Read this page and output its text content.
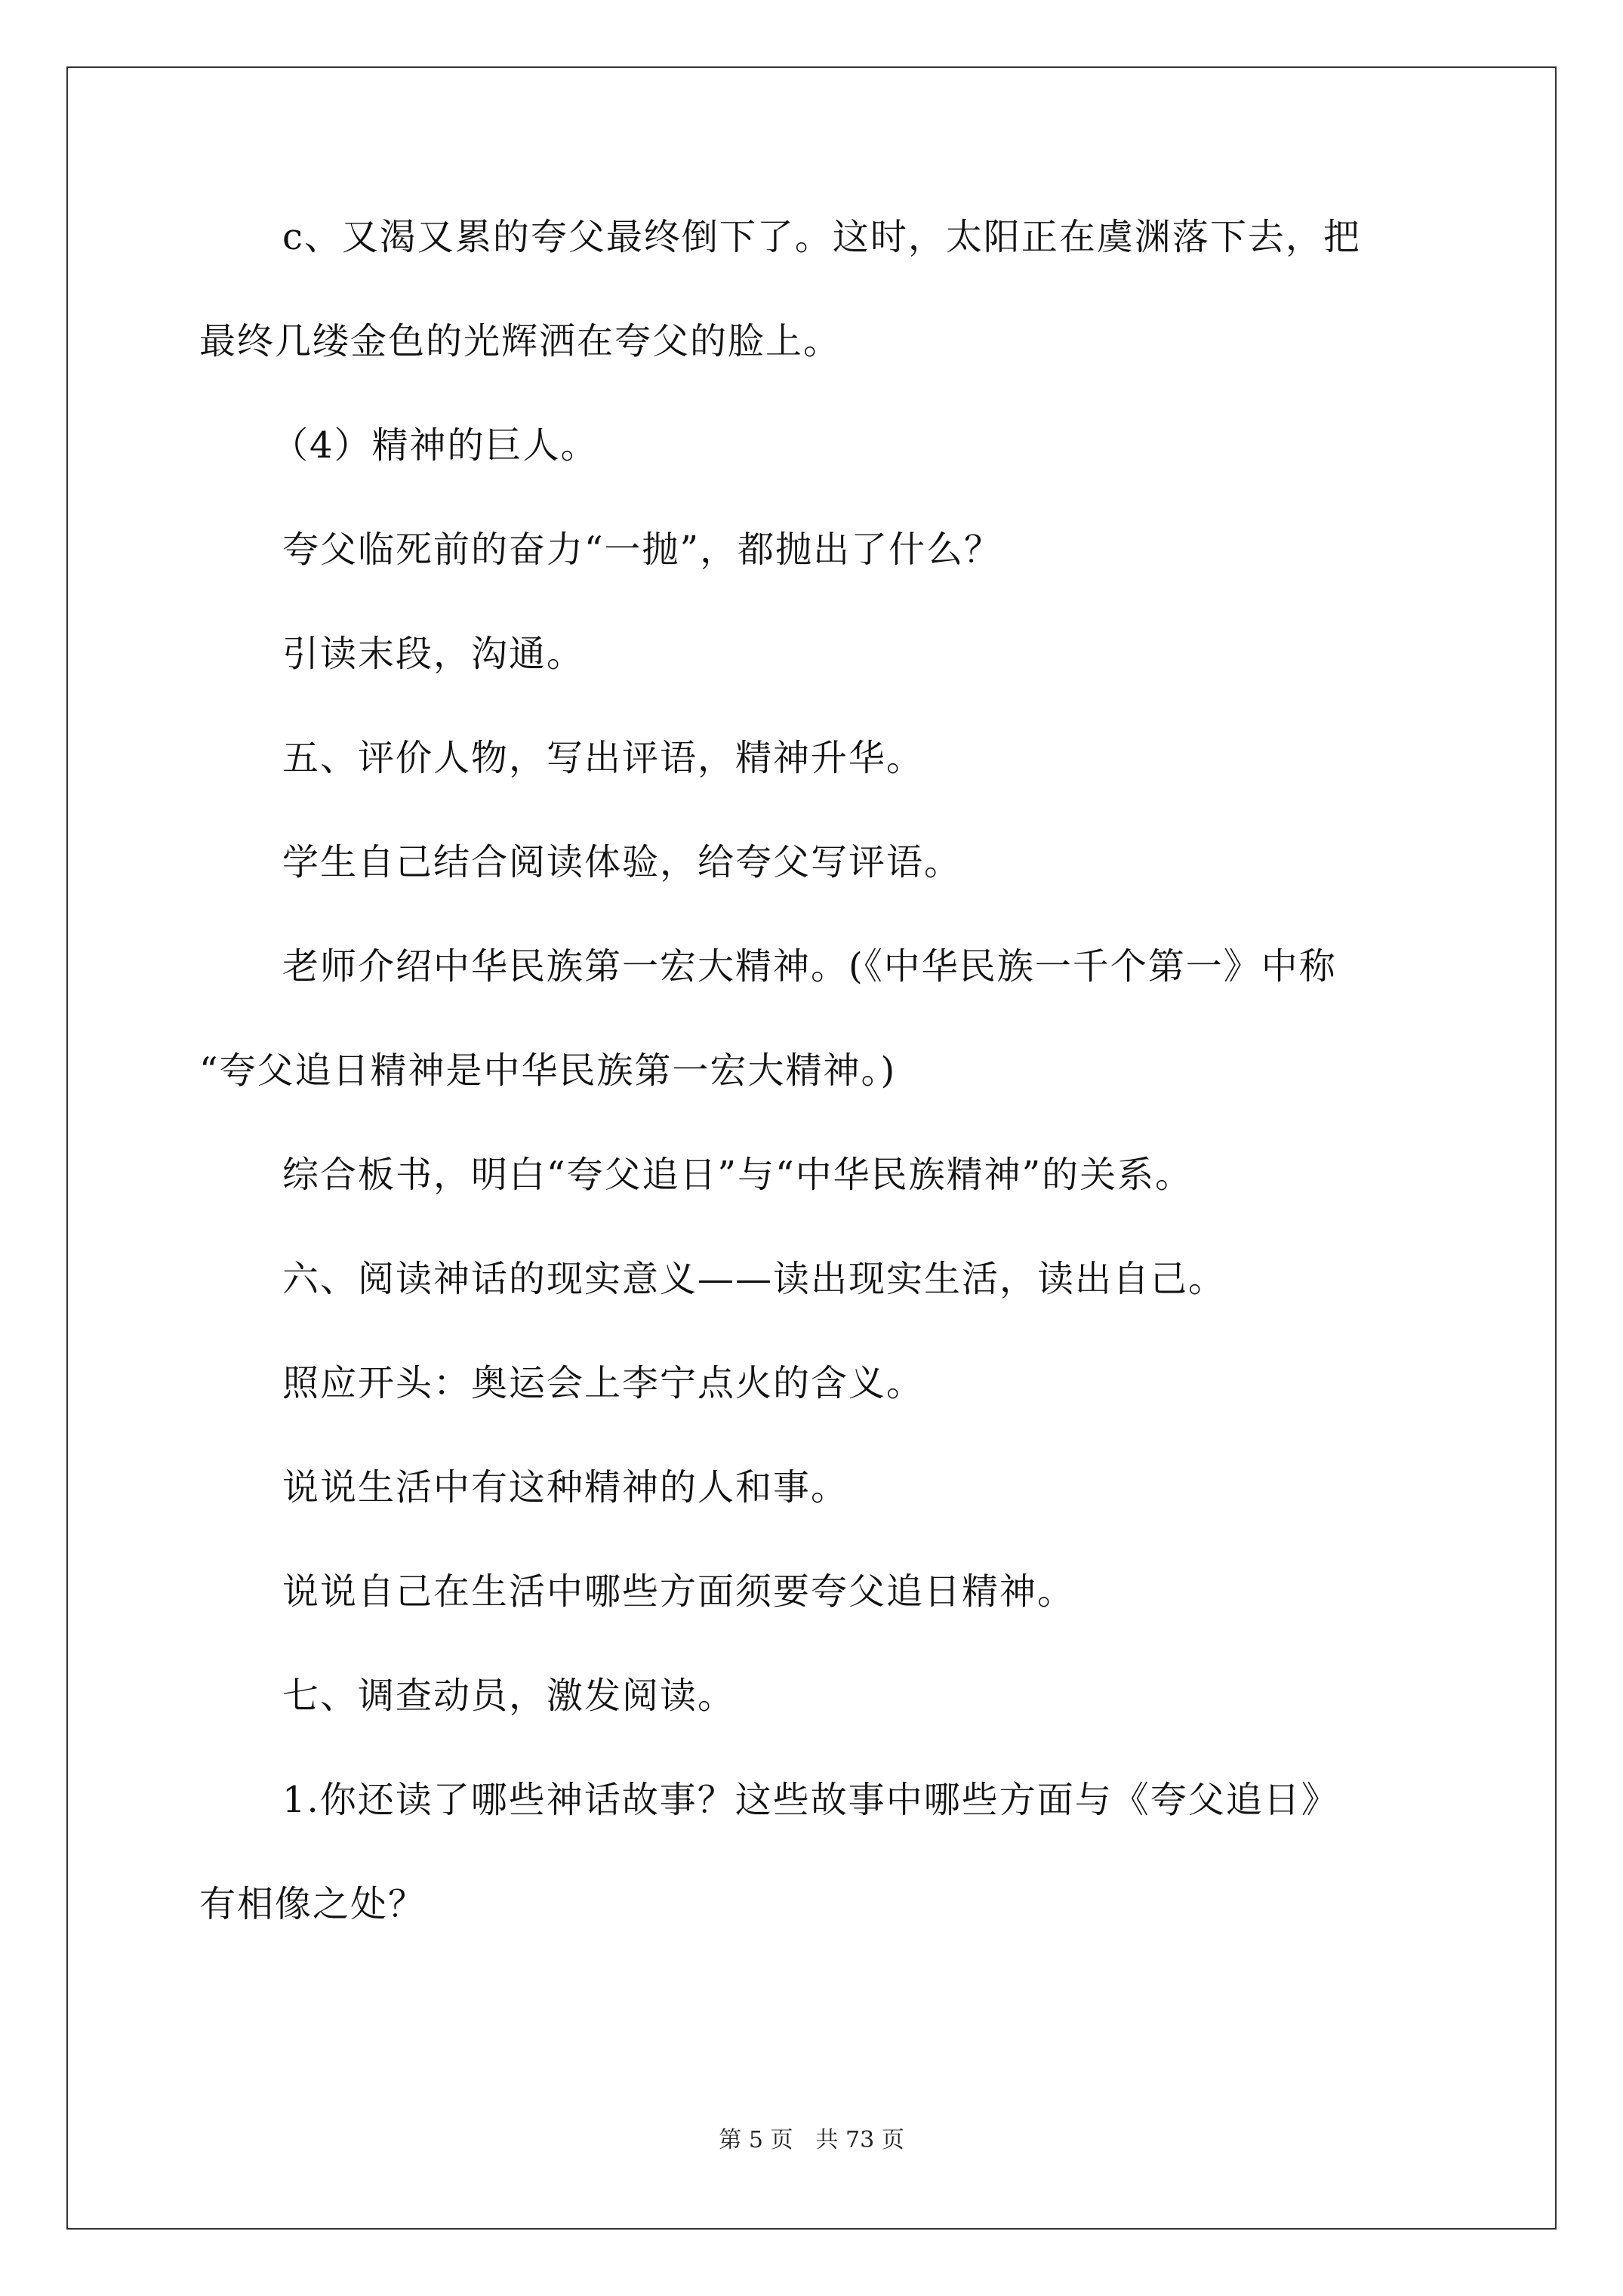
c、又渴又累的夸父最终倒下了。这时，太阳正在虞渊落下去，把
最终几缕金色的光辉洒在夸父的脸上。
（4）精神的巨人。
夸父临死前的奋力“一抛”，都抛出了什么？
引读末段，沟通。
五、评价人物，写出评语，精神升华。
学生自己结合阅读体验，给夸父写评语。
老师介绍中华民族第一宏大精神。(《中华民族一千个第一》中称
“夸父追日精神是中华民族第一宏大精神。)
综合板书，明白“夸父追日”与“中华民族精神”的关系。
六、阅读神话的现实意义——读出现实生活，读出自己。
照应开头：奥运会上李宁点火的含义。
说说生活中有这种精神的人和事。
说说自己在生活中哪些方面须要夸父追日精神。
七、调查动员，激发阅读。
1.你还读了哪些神话故事？这些故事中哪些方面与《夸父追日》
有相像之处？
第 5 页　共 73 页
